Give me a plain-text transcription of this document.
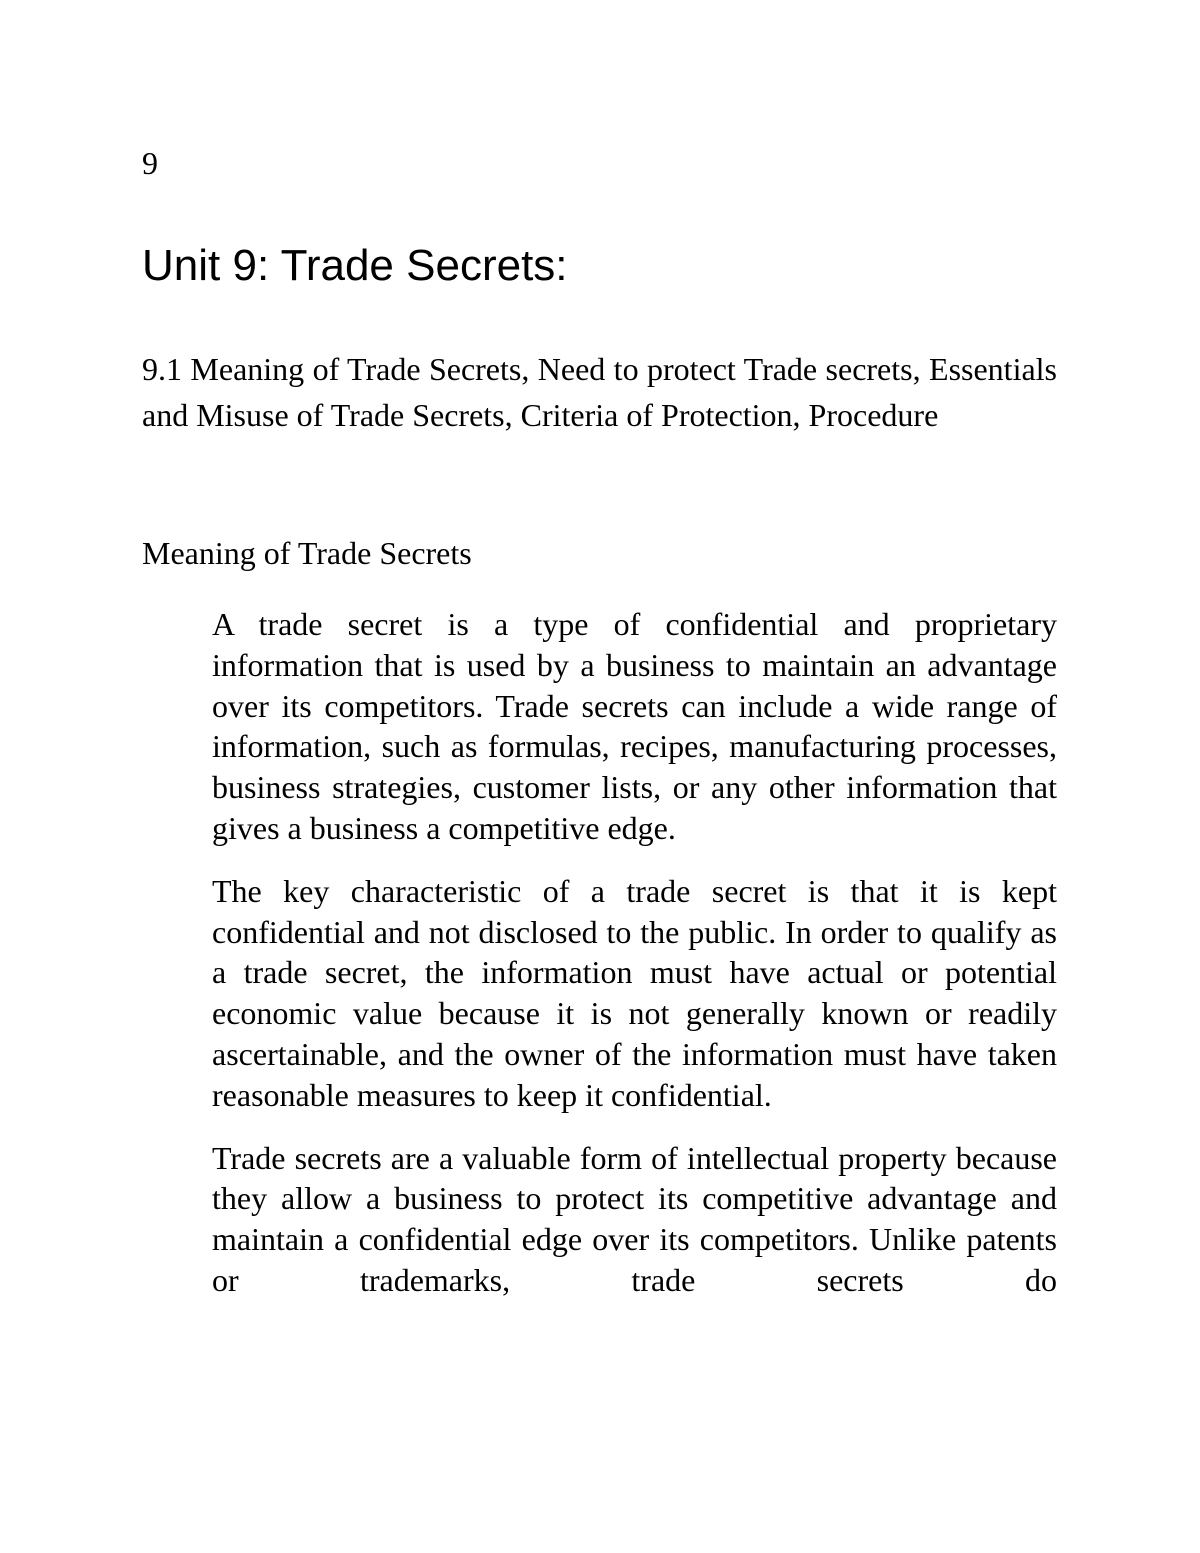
9
Unit 9: Trade Secrets:
9.1 Meaning of Trade Secrets, Need to protect Trade secrets, Essentials and Misuse of Trade Secrets, Criteria of Protection, Procedure
Meaning of Trade Secrets

A trade secret is a type of confidential and proprietary information that is used by a business to maintain an advantage over its competitors. Trade secrets can include a wide range of information, such as formulas, recipes, manufacturing processes, business strategies, customer lists, or any other information that gives a business a competitive edge.

The key characteristic of a trade secret is that it is kept confidential and not disclosed to the public. In order to qualify as a trade secret, the information must have actual or potential economic value because it is not generally known or readily ascertainable, and the owner of the information must have taken reasonable measures to keep it confidential.

Trade secrets are a valuable form of intellectual property because they allow a business to protect its competitive advantage and maintain a confidential edge over its competitors. Unlike patents or trademarks, trade secrets do
